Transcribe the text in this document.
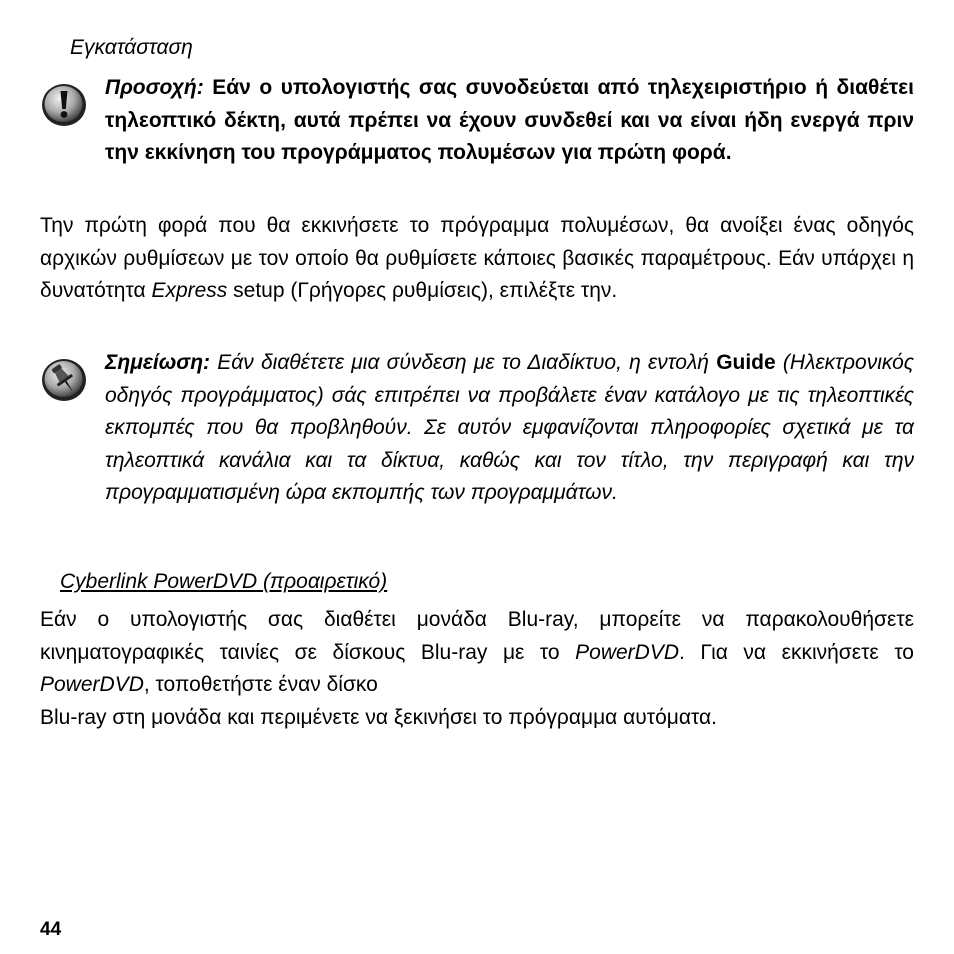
Εγκατάσταση
Προσοχή: Εάν ο υπολογιστής σας συνοδεύεται από τηλεχειριστήριο ή διαθέτει τηλεοπτικό δέκτη, αυτά πρέπει να έχουν συνδεθεί και να είναι ήδη ενεργά πριν την εκκίνηση του προγράμματος πολυμέσων για πρώτη φορά.
Την πρώτη φορά που θα εκκινήσετε το πρόγραμμα πολυμέσων, θα ανοίξει ένας οδηγός αρχικών ρυθμίσεων με τον οποίο θα ρυθμίσετε κάποιες βασικές παραμέτρους. Εάν υπάρχει η δυνατότητα Express setup (Γρήγορες ρυθμίσεις), επιλέξτε την.
Σημείωση: Εάν διαθέτετε μια σύνδεση με το Διαδίκτυο, η εντολή Guide (Ηλεκτρονικός οδηγός προγράμματος) σάς επιτρέπει να προβάλετε έναν κατάλογο με τις τηλεοπτικές εκπομπές που θα προβληθούν. Σε αυτόν εμφανίζονται πληροφορίες σχετικά με τα τηλεοπτικά κανάλια και τα δίκτυα, καθώς και τον τίτλο, την περιγραφή και την προγραμματισμένη ώρα εκπομπής των προγραμμάτων.
Cyberlink PowerDVD (προαιρετικό)
Εάν ο υπολογιστής σας διαθέτει μονάδα Blu-ray, μπορείτε να παρακολουθήσετε κινηματογραφικές ταινίες σε δίσκους Blu-ray με το PowerDVD. Για να εκκινήσετε το PowerDVD, τοποθετήστε έναν δίσκο
Blu-ray στη μονάδα και περιμένετε να ξεκινήσει το πρόγραμμα αυτόματα.
44
